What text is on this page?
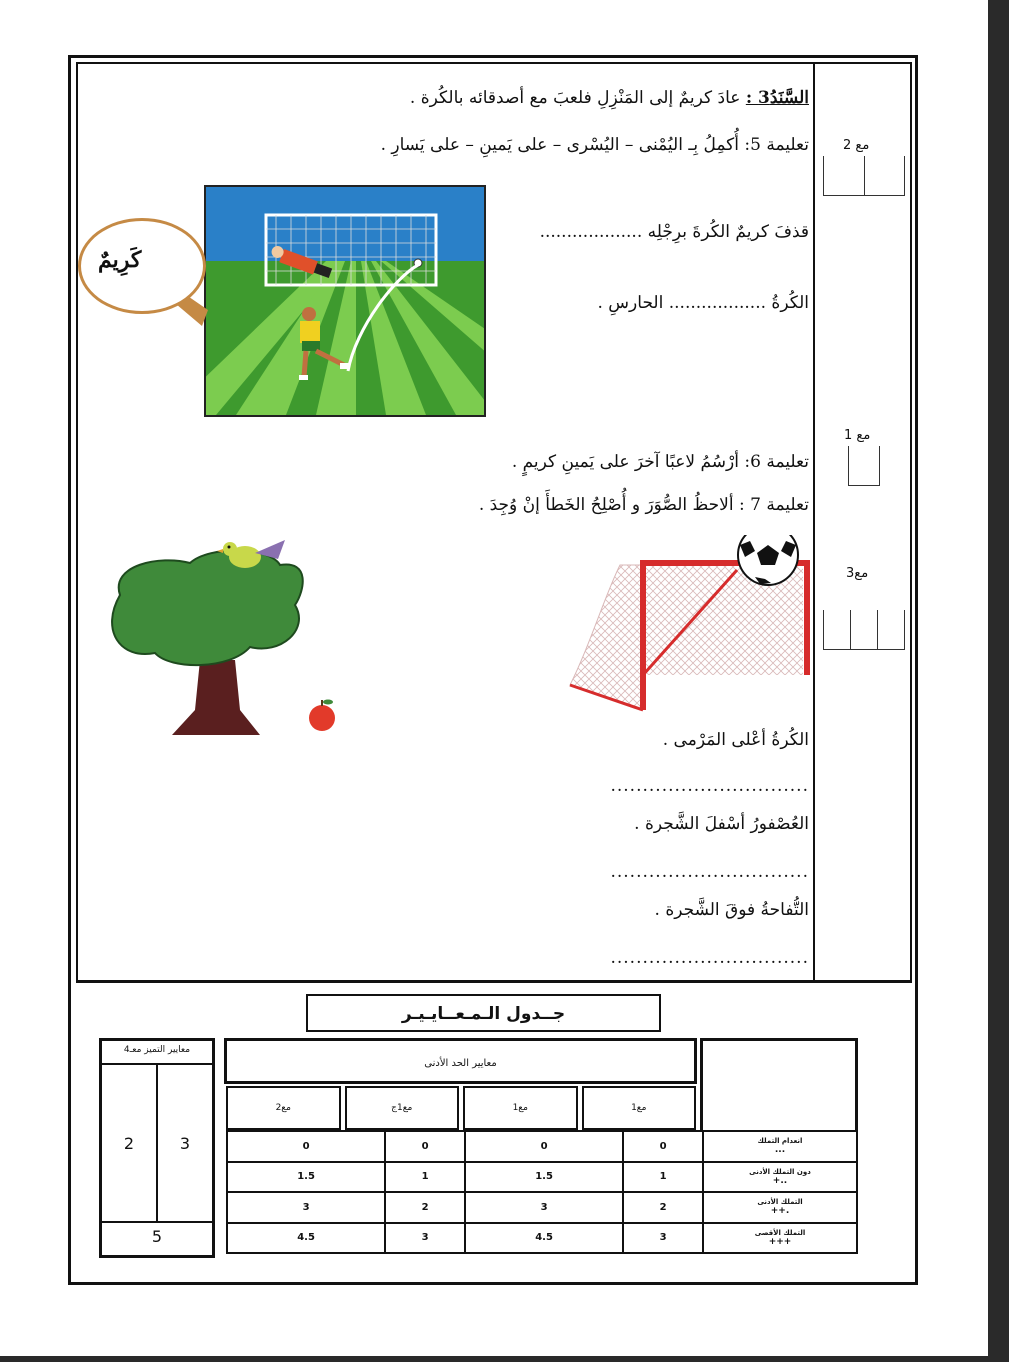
السَّنَدُ3 : عادَ كريمٌ إلى المَنْزِلِ فلعبَ مع أصدقائه بالكُرة .
تعليمة 5: أُكمِلُ بِـ اليُمْنى – اليُسْرى – على يَمينِ – على يَسارِ .	مع 2
كَرِيمٌ
قذفَ كريمٌ الكُرةَ برِجْلِه ...................
الكُرةُ .................. الحارسِ .
مع 1
تعليمة 6: أرْسُمُ لاعبًا آخرَ على يَمينِ كريمٍ .
تعليمة 7 : ألاحظُ الصُّوَرَ و أُصْلِحُ الخَطأَ إنْ وُجِدَ .
مع3
الكُرةُ أعْلى المَرْمى .
...............................
العُصْفورُ أسْفلَ الشَّجرة .
...............................
التُّفاحةُ فوقَ الشَّجرة .
...............................
جــدول الـمـعــايـيـر
معايير التميز معـ4
2	3
5
معايير الحد الأدنى
مع2	مع1ج	مع1	مع1
0	0	0	0	انعدام التملك
...

1.5	1	1.5	1	دون التملك الأدنى
+..

3	2	3	2	التملك الأدنى
++.

4.5	3	4.5	3	التملك الأقصى
+++
